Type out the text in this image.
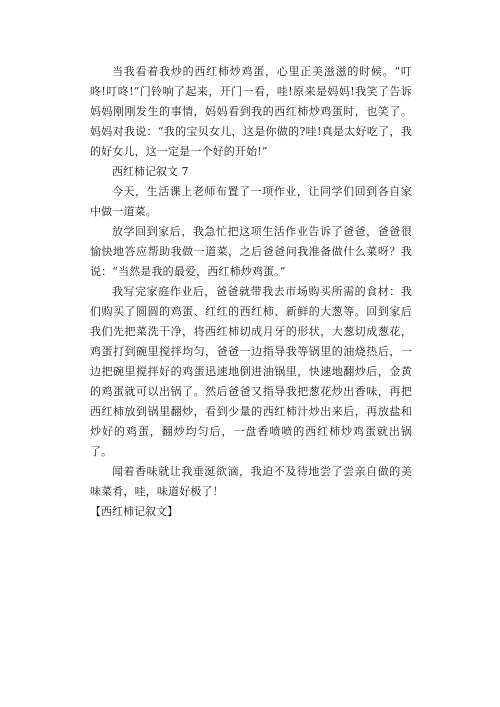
当我看着我炒的西红柿炒鸡蛋，心里正美滋滋的时候。“叮咚!叮咚!”门铃响了起来，开门一看，哇!原来是妈妈!我笑了告诉妈妈刚刚发生的事情，妈妈看到我的西红柿炒鸡蛋时，也笑了。妈妈对我说：“我的宝贝女儿，这是你做的?哇!真是太好吃了，我的好女儿，这一定是一个好的开始!”

西红柿记叙文 7

今天，生活课上老师布置了一项作业，让同学们回到各自家中做一道菜。

放学回到家后，我急忙把这项生活作业告诉了爸爸，爸爸很愉快地答应帮助我做一道菜，之后爸爸问我准备做什么菜呀？我说：“当然是我的最爱，西红柿炒鸡蛋。”

我写完家庭作业后，爸爸就带我去市场购买所需的食材：我们购买了圆圆的鸡蛋、红红的西红柿、新鲜的大葱等。回到家后我们先把菜洗干净，将西红柿切成月牙的形状，大葱切成葱花，鸡蛋打到碗里搅拌均匀，爸爸一边指导我等锅里的油烧热后，一边把碗里搅拌好的鸡蛋迅速地倒进油锅里，快速地翻炒后，金黄的鸡蛋就可以出锅了。然后爸爸又指导我把葱花炒出香味，再把西红柿放到锅里翻炒，看到少量的西红柿汁炒出来后，再放盐和炒好的鸡蛋，翻炒均匀后，一盘香喷喷的西红柿炒鸡蛋就出锅了。

闻着香味就让我垂涎欲滴，我迫不及待地尝了尝亲自做的美味菜肴，哇，味道好极了！

【西红柿记叙文】
